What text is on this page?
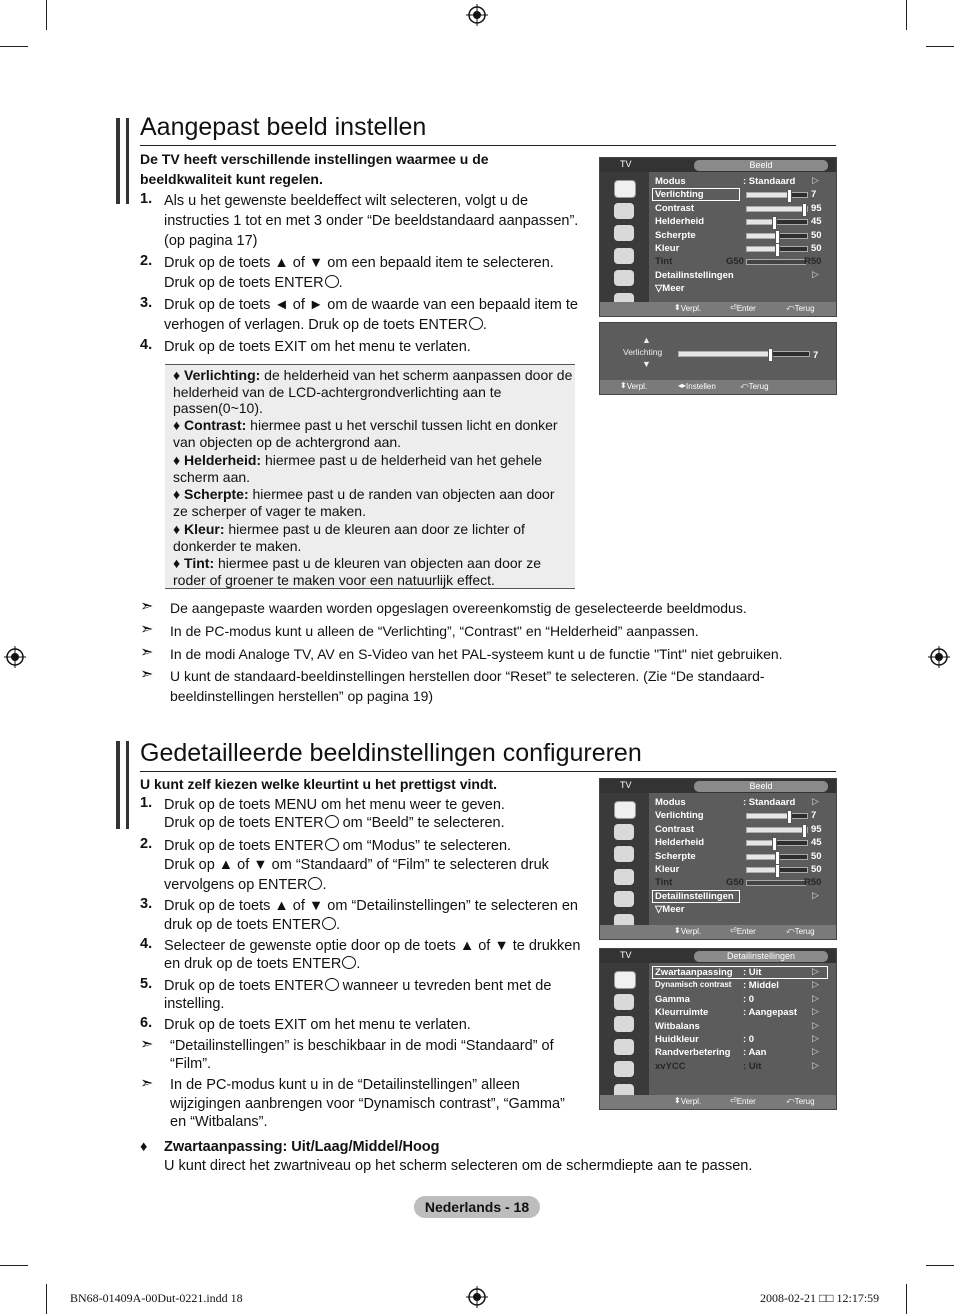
Aangepast beeld instellen
De TV heeft verschillende instellingen waarmee u de
beeldkwaliteit kunt regelen.
1. Als u het gewenste beeldeffect wilt selecteren, volgt u de
instructies 1 tot en met 3 onder “De beeldstandaard aanpassen”.
(op pagina 17)
2. Druk op de toets ▲ of ▼ om een bepaald item te selecteren.
Druk op de toets ENTER .
3. Druk op de toets ◄ of ► om de waarde van een bepaald item te
verhogen of verlagen. Druk op de toets ENTER .
4. Druk op de toets EXIT om het menu te verlaten.
♦ Verlichting: de helderheid van het scherm aanpassen door de helderheid van de LCD-achtergrondverlichting aan te passen(0~10).
♦ Contrast: hiermee past u het verschil tussen licht en donker van objecten op de achtergrond aan.
♦ Helderheid: hiermee past u de helderheid van het gehele scherm aan.
♦ Scherpte: hiermee past u de randen van objecten aan door ze scherper of vager te maken.
♦ Kleur: hiermee past u de kleuren aan door ze lichter of donkerder te maken.
♦ Tint: hiermee past u de kleuren van objecten aan door ze roder of groener te maken voor een natuurlijk effect.
➣ De aangepaste waarden worden opgeslagen overeenkomstig de geselecteerde beeldmodus.
➣ In de PC-modus kunt u alleen de “Verlichting”, “Contrast" en “Helderheid” aanpassen.
➣ In de modi Analoge TV, AV en S-Video van het PAL-systeem kunt u de functie "Tint" niet gebruiken.
➣ U kunt de standaard-beeldinstellingen herstellen door “Reset” te selecteren. (Zie “De standaard-
beeldinstellingen herstellen” op pagina 19)
TV	Beeld
Modus	: Standaard ▷
Verlichting	7
Contrast	95
Helderheid	45
Scherpte	50
Kleur	50
Tint	G50	R50
Detailinstellingen	▷
▽Meer
⬍ Verpl.	⏎ Enter	⤺ Terug
▲
Verlichting
▼
7
⬍ Verpl.	◂▸ Instellen	⤺ Terug
Gedetailleerde beeldinstellingen configureren
U kunt zelf kiezen welke kleurtint u het prettigst vindt.
1. Druk op de toets MENU om het menu weer te geven.
Druk op de toets ENTER om “Beeld” te selecteren.
2. Druk op de toets ENTER om “Modus” te selecteren.
Druk op ▲ of ▼ om “Standaard” of “Film” te selecteren druk
vervolgens op ENTER .
3. Druk op de toets ▲ of ▼ om “Detailinstellingen” te selecteren en
druk op de toets ENTER .
4. Selecteer de gewenste optie door op de toets ▲ of ▼ te drukken
en druk op de toets ENTER .
5. Druk op de toets ENTER wanneer u tevreden bent met de
instelling.
6. Druk op de toets EXIT om het menu te verlaten.
➣ “Detailinstellingen” is beschikbaar in de modi “Standaard” of
“Film”.
➣ In de PC-modus kunt u in de “Detailinstellingen” alleen
wijzigingen aanbrengen voor “Dynamisch contrast”, “Gamma”
en “Witbalans”.
♦ Zwartaanpassing: Uit/Laag/Middel/Hoog
U kunt direct het zwartniveau op het scherm selecteren om de schermdiepte aan te passen.
TV	Beeld
Modus	: Standaard ▷
Verlichting	7
Contrast	95
Helderheid	45
Scherpte	50
Kleur	50
Tint	G50	R50
Detailinstellingen	▷
▽Meer
⬍ Verpl.	⏎ Enter	⤺ Terug
TV	Detailinstellingen
Zwartaanpassing : Uit	▷
Dynamisch contrast : Middel	▷
Gamma	: 0	▷
Kleurruimte	: Aangepast ▷
Witbalans	▷
Huidkleur	: 0	▷
Randverbetering : Aan	▷
xvYCC	: Uit	▷
⬍ Verpl.	⏎ Enter	⤺ Terug
Nederlands - 18
BN68-01409A-00Dut-0221.indd 18	2008-02-21 □□ 12:17:59
